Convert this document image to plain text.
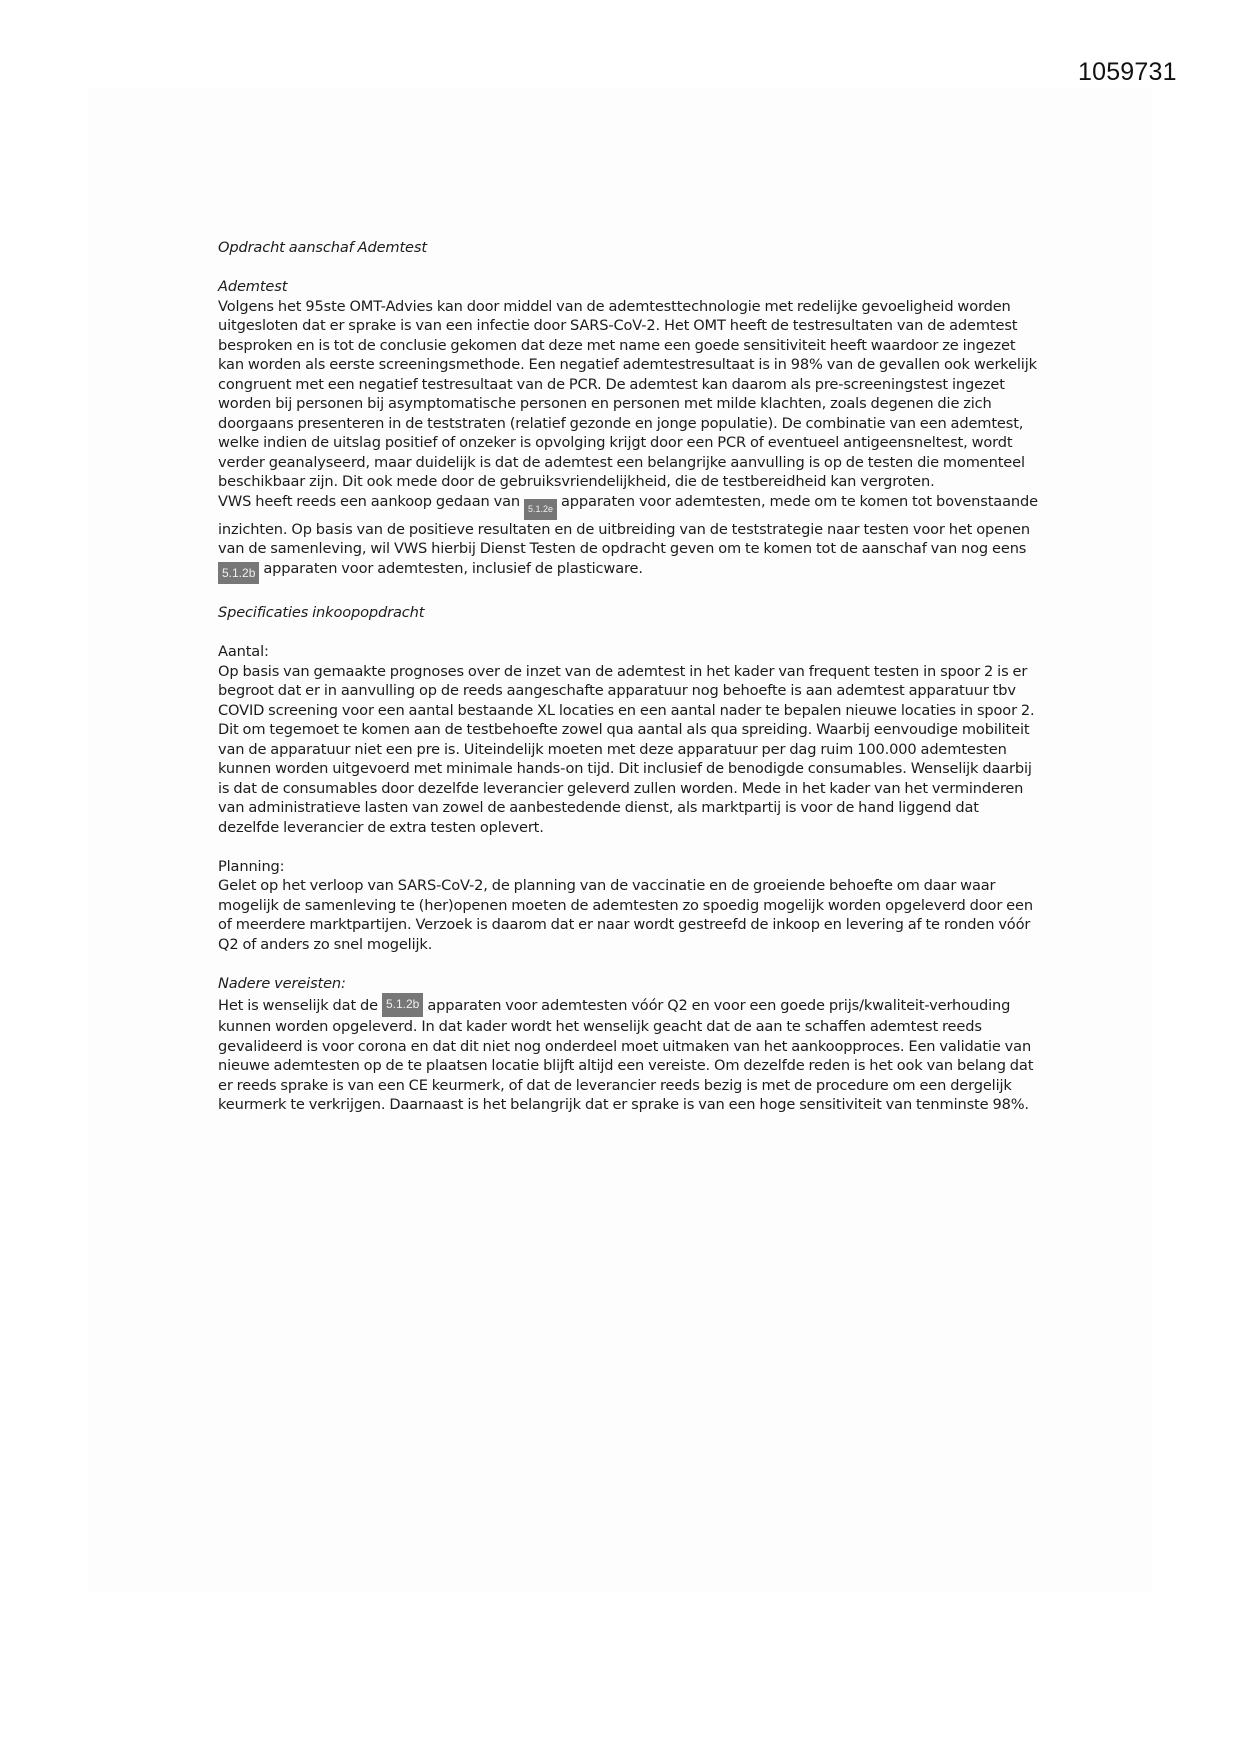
1059731

Opdracht aanschaf Ademtest

Ademtest

Volgens het 95ste OMT-Advies kan door middel van de ademtesttechnologie met redelijke gevoeligheid worden uitgesloten dat er sprake is van een infectie door SARS-CoV-2. Het OMT heeft de testresultaten van de ademtest besproken en is tot de conclusie gekomen dat deze met name een goede sensitiviteit heeft waardoor ze ingezet kan worden als eerste screeningsmethode. Een negatief ademtestresultaat is in 98% van de gevallen ook werkelijk congruent met een negatief testresultaat van de PCR. De ademtest kan daarom als pre-screeningstest ingezet worden bij personen bij asymptomatische personen en personen met milde klachten, zoals degenen die zich doorgaans presenteren in de teststraten (relatief gezonde en jonge populatie). De combinatie van een ademtest, welke indien de uitslag positief of onzeker is opvolging krijgt door een PCR of eventueel antigeensneltest, wordt verder geanalyseerd, maar duidelijk is dat de ademtest een belangrijke aanvulling is op de testen die momenteel beschikbaar zijn. Dit ook mede door de gebruiksvriendelijkheid, die de testbereidheid kan vergroten.

VWS heeft reeds een aankoop gedaan van 5.1.2e apparaten voor ademtesten, mede om te komen tot bovenstaande inzichten. Op basis van de positieve resultaten en de uitbreiding van de teststrategie naar testen voor het openen van de samenleving, wil VWS hierbij Dienst Testen de opdracht geven om te komen tot de aanschaf van nog eens 5.1.2b apparaten voor ademtesten, inclusief de plasticware.

Specificaties inkoopopdracht

Aantal:

Op basis van gemaakte prognoses over de inzet van de ademtest in het kader van frequent testen in spoor 2 is er begroot dat er in aanvulling op de reeds aangeschafte apparatuur nog behoefte is aan ademtest apparatuur tbv COVID screening voor een aantal bestaande XL locaties en een aantal nader te bepalen nieuwe locaties in spoor 2. Dit om tegemoet te komen aan de testbehoefte zowel qua aantal als qua spreiding. Waarbij eenvoudige mobiliteit van de apparatuur niet een pre is. Uiteindelijk moeten met deze apparatuur per dag ruim 100.000 ademtesten kunnen worden uitgevoerd met minimale hands-on tijd. Dit inclusief de benodigde consumables. Wenselijk daarbij is dat de consumables door dezelfde leverancier geleverd zullen worden. Mede in het kader van het verminderen van administratieve lasten van zowel de aanbestedende dienst, als marktpartij is voor de hand liggend dat dezelfde leverancier de extra testen oplevert.

Planning:

Gelet op het verloop van SARS-CoV-2, de planning van de vaccinatie en de groeiende behoefte om daar waar mogelijk de samenleving te (her)openen moeten de ademtesten zo spoedig mogelijk worden opgeleverd door een of meerdere marktpartijen. Verzoek is daarom dat er naar wordt gestreefd de inkoop en levering af te ronden vóór Q2 of anders zo snel mogelijk.

Nadere vereisten:

Het is wenselijk dat de 5.1.2b apparaten voor ademtesten vóór Q2 en voor een goede prijs/kwaliteit-verhouding kunnen worden opgeleverd. In dat kader wordt het wenselijk geacht dat de aan te schaffen ademtest reeds gevalideerd is voor corona en dat dit niet nog onderdeel moet uitmaken van het aankoopproces. Een validatie van nieuwe ademtesten op de te plaatsen locatie blijft altijd een vereiste. Om dezelfde reden is het ook van belang dat er reeds sprake is van een CE keurmerk, of dat de leverancier reeds bezig is met de procedure om een dergelijk keurmerk te verkrijgen. Daarnaast is het belangrijk dat er sprake is van een hoge sensitiviteit van tenminste 98%.
